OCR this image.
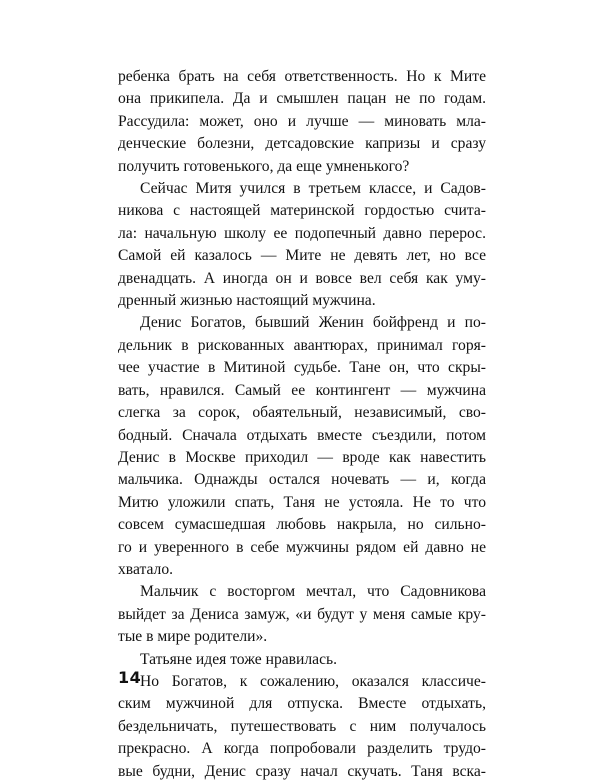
ребенка брать на себя ответственность. Но к Мите
она прикипела. Да и смышлен пацан не по годам.
Рассудила: может, оно и лучше — миновать мла-
денческие болезни, детсадовские капризы и сразу
получить готовенького, да еще умненького?
Сейчас Митя учился в третьем классе, и Садов-
никова с настоящей материнской гордостью счита-
ла: начальную школу ее подопечный давно перерос.
Самой ей казалось — Мите не девять лет, но все
двенадцать. А иногда он и вовсе вел себя как уму-
дренный жизнью настоящий мужчина.
Денис Богатов, бывший Женин бойфренд и по-
дельник в рискованных авантюрах, принимал горя-
чее участие в Митиной судьбе. Тане он, что скры-
вать, нравился. Самый ее контингент — мужчина
слегка за сорок, обаятельный, независимый, сво-
бодный. Сначала отдыхать вместе съездили, потом
Денис в Москве приходил — вроде как навестить
мальчика. Однажды остался ночевать — и, когда
Митю уложили спать, Таня не устояла. Не то что
совсем сумасшедшая любовь накрыла, но сильно-
го и уверенного в себе мужчины рядом ей давно не
хватало.
Мальчик с восторгом мечтал, что Садовникова
выйдет за Дениса замуж, «и будут у меня самые кру-
тые в мире родители».
Татьяне идея тоже нравилась.
Но Богатов, к сожалению, оказался классиче-
ским мужчиной для отпуска. Вместе отдыхать,
бездельничать, путешествовать с ним получалось
прекрасно. А когда попробовали разделить трудо-
вые будни, Денис сразу начал скучать. Таня вска-
14
